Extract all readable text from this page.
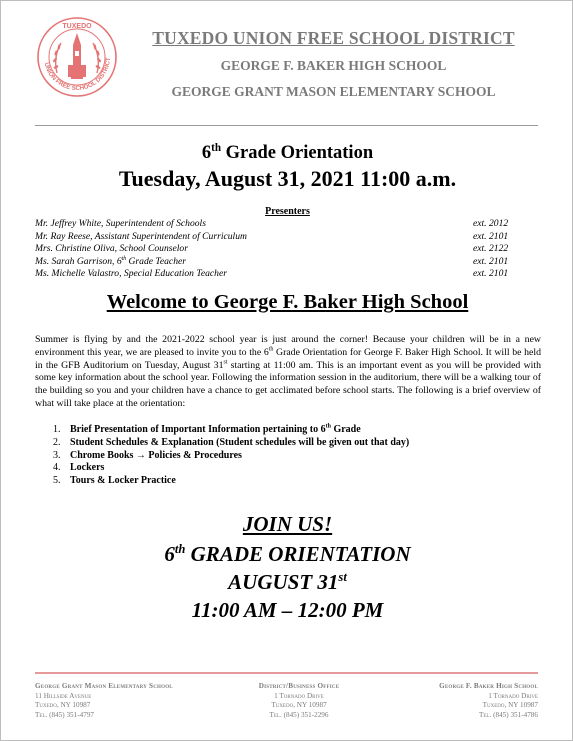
UNION FREE SCHOOL DISTRICT
TUXEDO
TUXEDO UNION FREE SCHOOL DISTRICT
GEORGE F. BAKER HIGH SCHOOL
GEORGE GRANT MASON ELEMENTARY SCHOOL
6th Grade Orientation
Tuesday, August 31, 2021 11:00 a.m.
Presenters
Mr. Jeffrey White, Superintendent of Schools	ext. 2012
Mr. Ray Reese, Assistant Superintendent of Curriculum	ext. 2101
Mrs. Christine Oliva, School Counselor	ext. 2122
Ms. Sarah Garrison, 6th Grade Teacher	ext. 2101
Ms. Michelle Valastro, Special Education Teacher	ext. 2101
Welcome to George F. Baker High School
Summer is flying by and the 2021-2022 school year is just around the corner! Because your children will be in a new environment this year, we are pleased to invite you to the 6th Grade Orientation for George F. Baker High School. It will be held in the GFB Auditorium on Tuesday, August 31st starting at 11:00 am. This is an important event as you will be provided with some key information about the school year. Following the information session in the auditorium, there will be a walking tour of the building so you and your children have a chance to get acclimated before school starts. The following is a brief overview of what will take place at the orientation:
1. Brief Presentation of Important Information pertaining to 6th Grade
2. Student Schedules & Explanation (Student schedules will be given out that day)
3. Chrome Books → Policies & Procedures
4. Lockers
5. Tours & Locker Practice
JOIN US!
6th GRADE ORIENTATION
AUGUST 31st
11:00 AM – 12:00 PM
George Grant Mason Elementary School
11 Hillside Avenue
Tuxedo, NY 10987
Tel. (845) 351-4797
District/Business Office
1 Tornado Drive
Tuxedo, NY 10987
Tel. (845) 351-2296
George F. Baker High School
1 Tornado Drive
Tuxedo, NY 10987
Tel. (845) 351-4786
